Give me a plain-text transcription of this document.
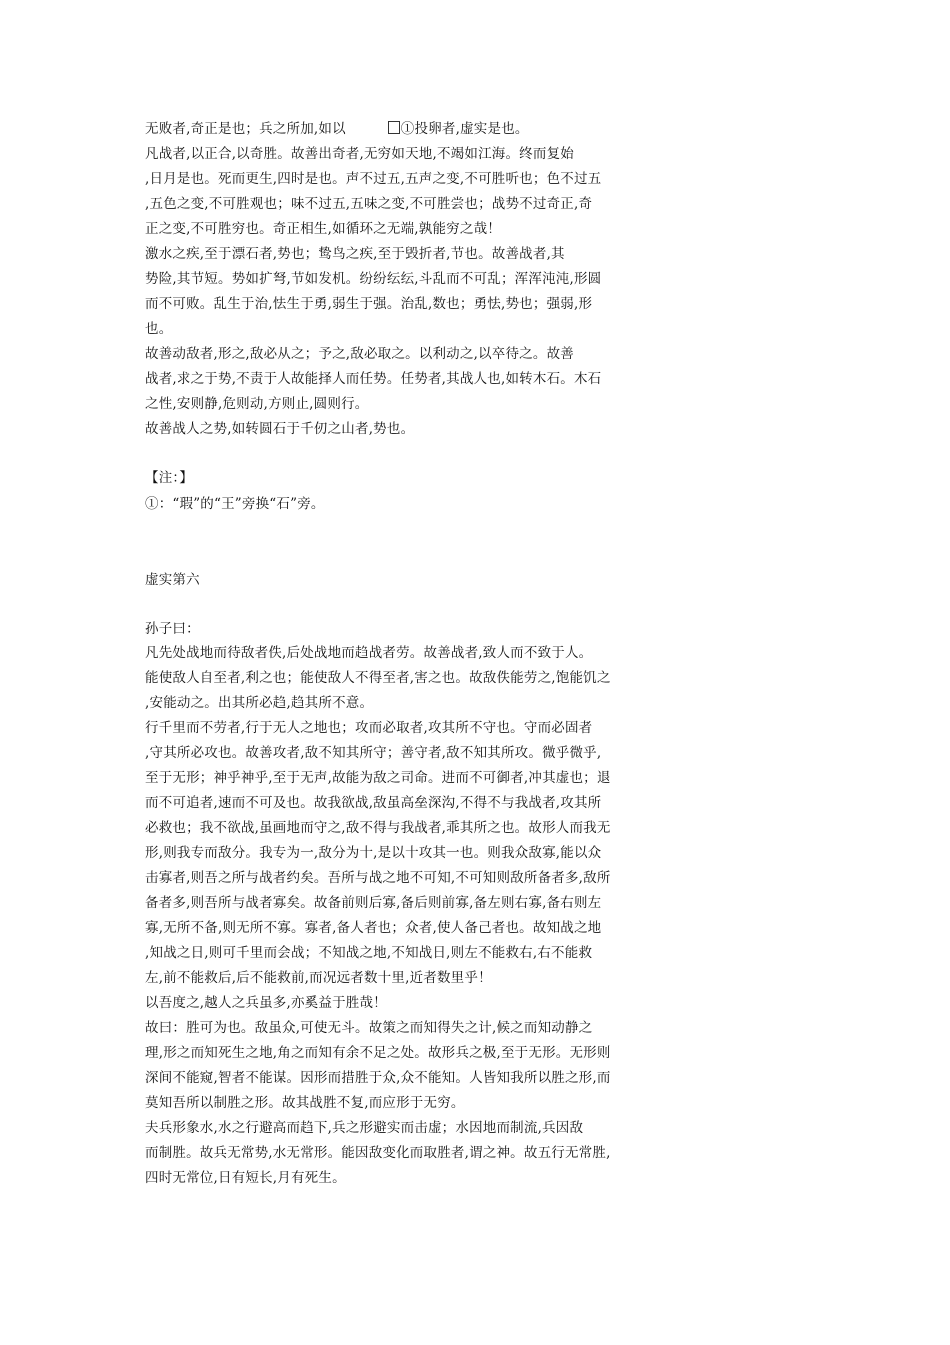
无败者,奇正是也；兵之所加,如以	①投卵者,虚实是也。
凡战者,以正合,以奇胜。故善出奇者,无穷如天地,不竭如江海。终而复始
,日月是也。死而更生,四时是也。声不过五,五声之变,不可胜听也；色不过五
,五色之变,不可胜观也；味不过五,五味之变,不可胜尝也；战势不过奇正,奇
正之变,不可胜穷也。奇正相生,如循环之无端,孰能穷之哉！
激水之疾,至于漂石者,势也；鸷鸟之疾,至于毁折者,节也。故善战者,其
势险,其节短。势如扩弩,节如发机。纷纷纭纭,斗乱而不可乱；浑浑沌沌,形圆
而不可败。乱生于治,怯生于勇,弱生于强。治乱,数也；勇怯,势也；强弱,形
也。
故善动敌者,形之,敌必从之；予之,敌必取之。以利动之,以卒待之。故善
战者,求之于势,不责于人故能择人而任势。任势者,其战人也,如转木石。木石
之性,安则静,危则动,方则止,圆则行。
故善战人之势,如转圆石于千仞之山者,势也。
【注：】
①：“瑕”的“王”旁换“石”旁。
虚实第六
孙子曰：
凡先处战地而待敌者佚,后处战地而趋战者劳。故善战者,致人而不致于人。
能使敌人自至者,利之也；能使敌人不得至者,害之也。故敌佚能劳之,饱能饥之
,安能动之。出其所必趋,趋其所不意。
行千里而不劳者,行于无人之地也；攻而必取者,攻其所不守也。守而必固者
,守其所必攻也。故善攻者,敌不知其所守；善守者,敌不知其所攻。微乎微乎,
至于无形；神乎神乎,至于无声,故能为敌之司命。进而不可御者,冲其虚也；退
而不可追者,速而不可及也。故我欲战,敌虽高垒深沟,不得不与我战者,攻其所
必救也；我不欲战,虽画地而守之,敌不得与我战者,乖其所之也。故形人而我无
形,则我专而敌分。我专为一,敌分为十,是以十攻其一也。则我众敌寡,能以众
击寡者,则吾之所与战者约矣。吾所与战之地不可知,不可知则敌所备者多,敌所
备者多,则吾所与战者寡矣。故备前则后寡,备后则前寡,备左则右寡,备右则左
寡,无所不备,则无所不寡。寡者,备人者也；众者,使人备己者也。故知战之地
,知战之日,则可千里而会战；不知战之地,不知战日,则左不能救右,右不能救
左,前不能救后,后不能救前,而况远者数十里,近者数里乎！
以吾度之,越人之兵虽多,亦奚益于胜哉！
故曰：胜可为也。敌虽众,可使无斗。故策之而知得失之计,候之而知动静之
理,形之而知死生之地,角之而知有余不足之处。故形兵之极,至于无形。无形则
深间不能窥,智者不能谋。因形而措胜于众,众不能知。人皆知我所以胜之形,而
莫知吾所以制胜之形。故其战胜不复,而应形于无穷。
夫兵形象水,水之行避高而趋下,兵之形避实而击虚；水因地而制流,兵因敌
而制胜。故兵无常势,水无常形。能因敌变化而取胜者,谓之神。故五行无常胜,
四时无常位,日有短长,月有死生。
